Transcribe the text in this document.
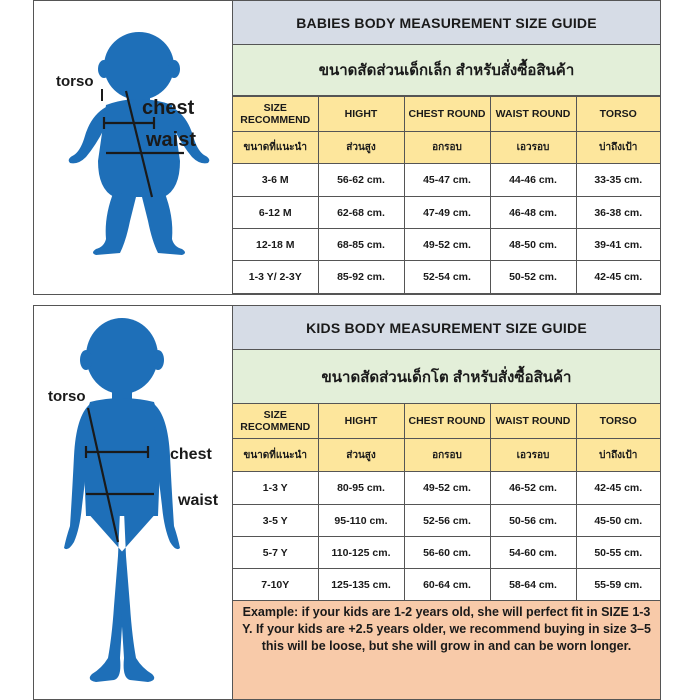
torso
chest
waist
BABIES BODY MEASUREMENT SIZE GUIDE
ขนาดสัดส่วนเด็กเล็ก สำหรับสั่งซื้อสินค้า
SIZE RECOMMEND	HIGHT	CHEST ROUND	WAIST ROUND	TORSO
ขนาดที่แนะนำ	ส่วนสูง	อกรอบ	เอวรอบ	บ่าถึงเป้า
3-6 M	56-62 cm.	45-47 cm.	44-46 cm.	33-35 cm.
6-12 M	62-68 cm.	47-49 cm.	46-48 cm.	36-38 cm.
12-18 M	68-85 cm.	49-52 cm.	48-50 cm.	39-41 cm.
1-3 Y/ 2-3Y	85-92 cm.	52-54 cm.	50-52 cm.	42-45 cm.
torso
chest
waist
KIDS BODY MEASUREMENT SIZE GUIDE
ขนาดสัดส่วนเด็กโต สำหรับสั่งซื้อสินค้า
SIZE RECOMMEND	HIGHT	CHEST ROUND	WAIST ROUND	TORSO
ขนาดที่แนะนำ	ส่วนสูง	อกรอบ	เอวรอบ	บ่าถึงเป้า
1-3 Y	80-95 cm.	49-52 cm.	46-52 cm.	42-45 cm.
3-5 Y	95-110 cm.	52-56 cm.	50-56 cm.	45-50 cm.
5-7 Y	110-125 cm.	56-60 cm.	54-60 cm.	50-55 cm.
7-10Y	125-135 cm.	60-64 cm.	58-64 cm.	55-59 cm.
Example: if your kids are 1-2 years old, she will perfect fit in SIZE 1-3 Y. If your kids are +2.5 years older, we recommend buying in size 3–5 this will be loose, but she will grow in and can be worn longer.
